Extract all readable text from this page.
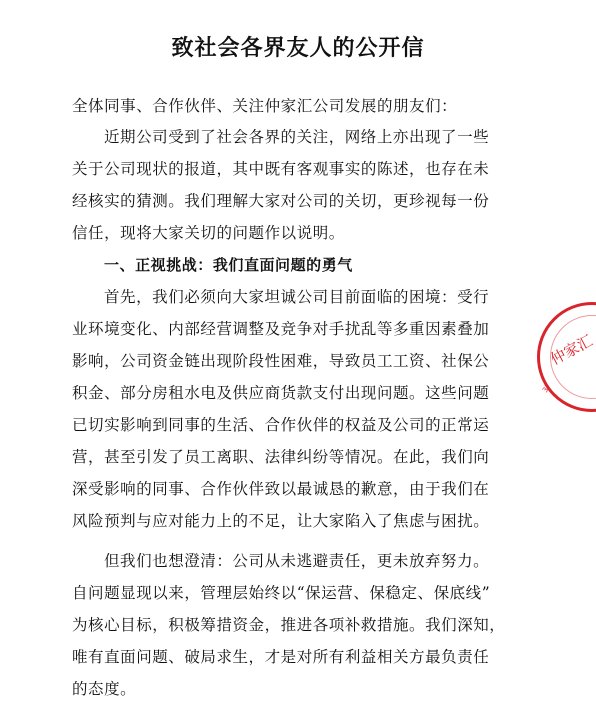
致社会各界友人的公开信
全体同事、合作伙伴、关注仲家汇公司发展的朋友们：
近期公司受到了社会各界的关注，网络上亦出现了一些
关于公司现状的报道，其中既有客观事实的陈述，也存在未
经核实的猜测。我们理解大家对公司的关切，更珍视每一份
信任，现将大家关切的问题作以说明。
一、正视挑战：我们直面问题的勇气
首先，我们必须向大家坦诚公司目前面临的困境：受行
业环境变化、内部经营调整及竞争对手扰乱等多重因素叠加
影响，公司资金链出现阶段性困难，导致员工工资、社保公
积金、部分房租水电及供应商货款支付出现问题。这些问题
已切实影响到同事的生活、合作伙伴的权益及公司的正常运
营，甚至引发了员工离职、法律纠纷等情况。在此，我们向
深受影响的同事、合作伙伴致以最诚恳的歉意，由于我们在
风险预判与应对能力上的不足，让大家陷入了焦虑与困扰。
但我们也想澄清：公司从未逃避责任，更未放弃努力。
自问题显现以来，管理层始终以“保运营、保稳定、保底线”
为核心目标，积极筹措资金，推进各项补救措施。我们深知，
唯有直面问题、破局求生，才是对所有利益相关方最负责任
的态度。
仲家汇
37
